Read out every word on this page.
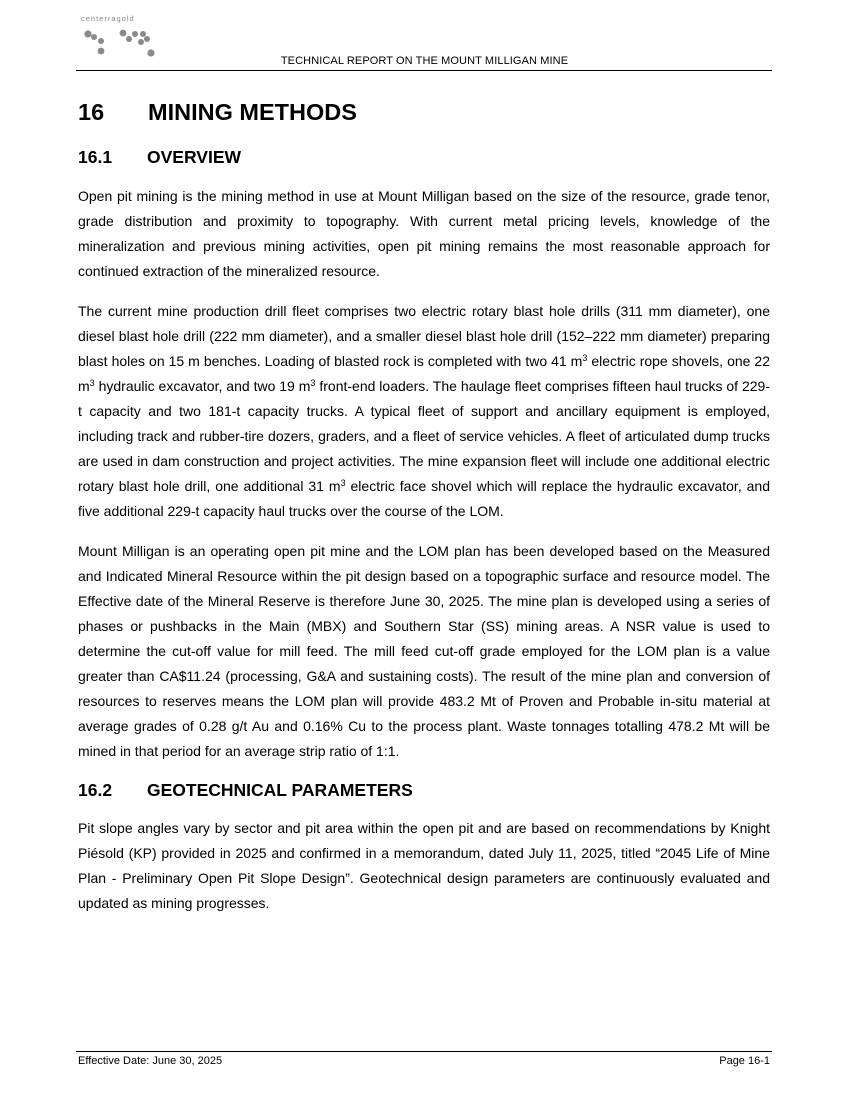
centerragold
TECHNICAL REPORT ON THE MOUNT MILLIGAN MINE
16	MINING METHODS
16.1	OVERVIEW

Open pit mining is the mining method in use at Mount Milligan based on the size of the resource, grade tenor, grade distribution and proximity to topography. With current metal pricing levels, knowledge of the mineralization and previous mining activities, open pit mining remains the most reasonable approach for continued extraction of the mineralized resource.

The current mine production drill fleet comprises two electric rotary blast hole drills (311 mm diameter), one diesel blast hole drill (222 mm diameter), and a smaller diesel blast hole drill (152–222 mm diameter) preparing blast holes on 15 m benches. Loading of blasted rock is completed with two 41 $m^3$ electric rope shovels, one 22 $m^3$ hydraulic excavator, and two 19 $m^3$ front-end loaders. The haulage fleet comprises fifteen haul trucks of 229-t capacity and two 181-t capacity trucks. A typical fleet of support and ancillary equipment is employed, including track and rubber-tire dozers, graders, and a fleet of service vehicles. A fleet of articulated dump trucks are used in dam construction and project activities. The mine expansion fleet will include one additional electric rotary blast hole drill, one additional 31 $m^3$ electric face shovel which will replace the hydraulic excavator, and five additional 229-t capacity haul trucks over the course of the LOM.

Mount Milligan is an operating open pit mine and the LOM plan has been developed based on the Measured and Indicated Mineral Resource within the pit design based on a topographic surface and resource model. The Effective date of the Mineral Reserve is therefore June 30, 2025. The mine plan is developed using a series of phases or pushbacks in the Main (MBX) and Southern Star (SS) mining areas. A NSR value is used to determine the cut-off value for mill feed. The mill feed cut-off grade employed for the LOM plan is a value greater than CA$11.24 (processing, G&A and sustaining costs). The result of the mine plan and conversion of resources to reserves means the LOM plan will provide 483.2 Mt of Proven and Probable in-situ material at average grades of 0.28 g/t Au and 0.16% Cu to the process plant. Waste tonnages totalling 478.2 Mt will be mined in that period for an average strip ratio of 1:1.

16.2	GEOTECHNICAL PARAMETERS

Pit slope angles vary by sector and pit area within the open pit and are based on recommendations by Knight Piésold (KP) provided in 2025 and confirmed in a memorandum, dated July 11, 2025, titled “2045 Life of Mine Plan - Preliminary Open Pit Slope Design”. Geotechnical design parameters are continuously evaluated and updated as mining progresses.

Effective Date: June 30, 2025	Page 16-1
